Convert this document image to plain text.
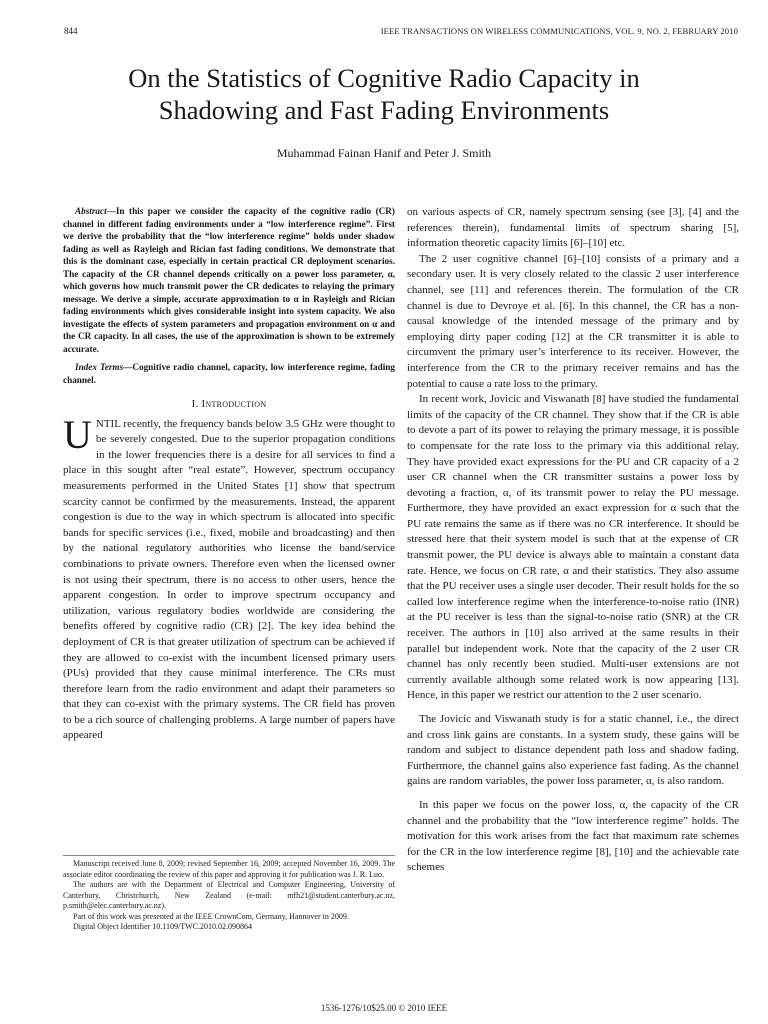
844	IEEE TRANSACTIONS ON WIRELESS COMMUNICATIONS, VOL. 9, NO. 2, FEBRUARY 2010
On the Statistics of Cognitive Radio Capacity in
Shadowing and Fast Fading Environments
Muhammad Fainan Hanif and Peter J. Smith
Abstract—In this paper we consider the capacity of the cognitive radio (CR) channel in different fading environments under a “low interference regime”. First we derive the probability that the “low interference regime” holds under shadow fading as well as Rayleigh and Rician fast fading conditions. We demonstrate that this is the dominant case, especially in certain practical CR deployment scenarios. The capacity of the CR channel depends critically on a power loss parameter, α, which governs how much transmit power the CR dedicates to relaying the primary message. We derive a simple, accurate approximation to α in Rayleigh and Rician fading environments which gives considerable insight into system capacity. We also investigate the effects of system parameters and propagation environment on α and the CR capacity. In all cases, the use of the approximation is shown to be extremely accurate.
Index Terms—Cognitive radio channel, capacity, low interference regime, fading channel.
I. Introduction

UNTIL recently, the frequency bands below 3.5 GHz were thought to be severely congested. Due to the superior propagation conditions in the lower frequencies there is a desire for all services to find a place in this sought after “real estate”. However, spectrum occupancy measurements performed in the United States [1] show that spectrum scarcity cannot be confirmed by the measurements. Instead, the apparent congestion is due to the way in which spectrum is allocated into specific bands for specific services (i.e., fixed, mobile and broadcasting) and then by the national regulatory authorities who license the band/service combinations to private owners. Therefore even when the licensed owner is not using their spectrum, there is no access to other users, hence the apparent congestion. In order to improve spectrum occupancy and utilization, various regulatory bodies worldwide are considering the benefits offered by cognitive radio (CR) [2]. The key idea behind the deployment of CR is that greater utilization of spectrum can be achieved if they are allowed to co-exist with the incumbent licensed primary users (PUs) provided that they cause minimal interference. The CRs must therefore learn from the radio environment and adapt their parameters so that they can co-exist with the primary systems. The CR field has proven to be a rich source of challenging problems. A large number of papers have appeared

Manuscript received June 8, 2009; revised September 16, 2009; accepted November 16, 2009. The associate editor coordinating the review of this paper and approving it for publication was J. R. Luo.
The authors are with the Department of Electrical and Computer Engineering, University of Canterbury, Christchurch, New Zealand (e-mail: mfh21@student.canterbury.ac.nz, p.smith@elec.canterbury.ac.nz).
Part of this work was presented at the IEEE CrownCom, Germany, Hannover in 2009.
Digital Object Identifier 10.1109/TWC.2010.02.090864

on various aspects of CR, namely spectrum sensing (see [3], [4] and the references therein), fundamental limits of spectrum sharing [5], information theoretic capacity limits [6]–[10] etc.

The 2 user cognitive channel [6]–[10] consists of a primary and a secondary user. It is very closely related to the classic 2 user interference channel, see [11] and references therein. The formulation of the CR channel is due to Devroye et al. [6]. In this channel, the CR has a non-causal knowledge of the intended message of the primary and by employing dirty paper coding [12] at the CR transmitter it is able to circumvent the primary user’s interference to its receiver. However, the interference from the CR to the primary receiver remains and has the potential to cause a rate loss to the primary.

In recent work, Jovicic and Viswanath [8] have studied the fundamental limits of the capacity of the CR channel. They show that if the CR is able to devote a part of its power to relaying the primary message, it is possible to compensate for the rate loss to the primary via this additional relay. They have provided exact expressions for the PU and CR capacity of a 2 user CR channel when the CR transmitter sustains a power loss by devoting a fraction, α, of its transmit power to relay the PU message. Furthermore, they have provided an exact expression for α such that the PU rate remains the same as if there was no CR interference. It should be stressed here that their system model is such that at the expense of CR transmit power, the PU device is always able to maintain a constant data rate. Hence, we focus on CR rate, α and their statistics. They also assume that the PU receiver uses a single user decoder. Their result holds for the so called low interference regime when the interference-to-noise ratio (INR) at the PU receiver is less than the signal-to-noise ratio (SNR) at the CR receiver. The authors in [10] also arrived at the same results in their parallel but independent work. Note that the capacity of the 2 user CR channel has only recently been studied. Multi-user extensions are not currently available although some related work is now appearing [13]. Hence, in this paper we restrict our attention to the 2 user scenario.

The Jovicic and Viswanath study is for a static channel, i.e., the direct and cross link gains are constants. In a system study, these gains will be random and subject to distance dependent path loss and shadow fading. Furthermore, the channel gains also experience fast fading. As the channel gains are random variables, the power loss parameter, α, is also random.

In this paper we focus on the power loss, α, the capacity of the CR channel and the probability that the “low interference regime” holds. The motivation for this work arises from the fact that maximum rate schemes for the CR in the low interference regime [8], [10] and the achievable rate schemes

1536-1276/10$25.00 © 2010 IEEE
